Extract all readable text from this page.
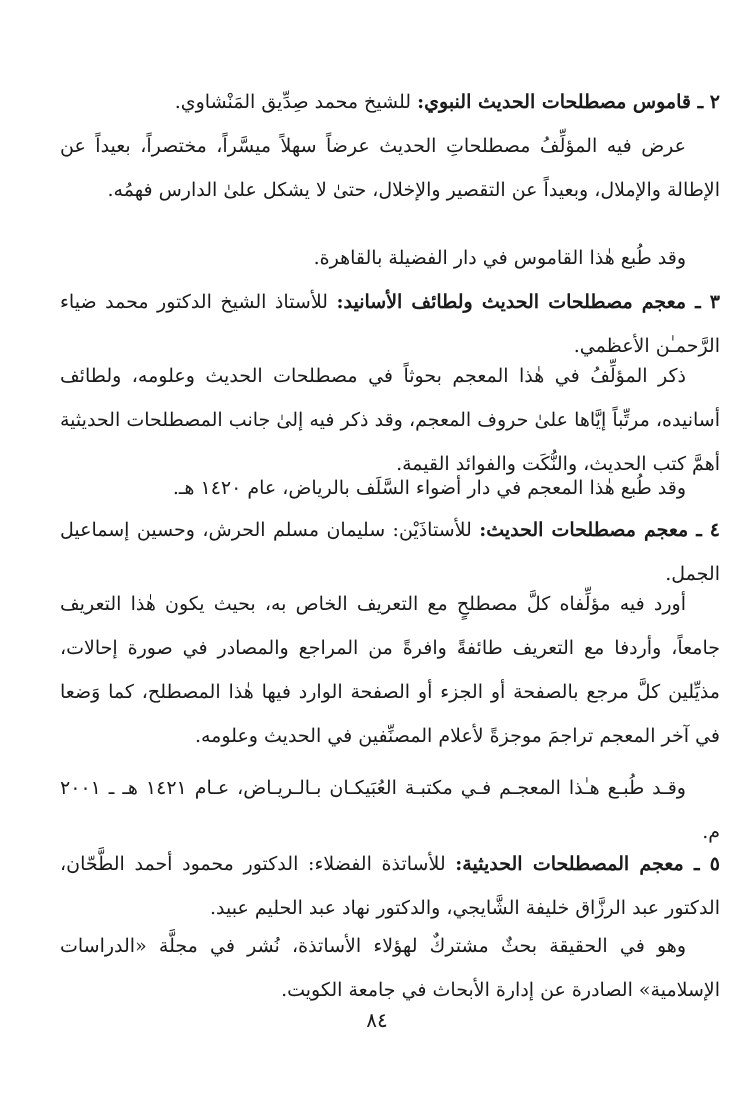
٢ ـ قاموس مصطلحات الحديث النبوي: للشيخ محمد صِدِّيق المَنْشاوي.

عرض فيه المؤلِّفُ مصطلحاتِ الحديث عرضاً سهلاً ميسَّراً، مختصراً، بعيداً عن الإطالة والإملال، وبعيداً عن التقصير والإخلال، حتىٰ لا يشكل علىٰ الدارس فهمُه.

وقد طُبع هٰذا القاموس في دار الفضيلة بالقاهرة.

٣ ـ معجم مصطلحات الحديث ولطائف الأسانيد: للأستاذ الشيخ الدكتور محمد ضياء الرَّحمـٰن الأعظمي.

ذكر المؤلِّفُ في هٰذا المعجم بحوثاً في مصطلحات الحديث وعلومه، ولطائف أسانيده، مرتِّباً إيَّاها علىٰ حروف المعجم، وقد ذكر فيه إلىٰ جانب المصطلحات الحديثية أهمَّ كتب الحديث، والنُّكَت والفوائد القيمة.

وقد طُبع هٰذا المعجم في دار أضواء السَّلَف بالرياض، عام ١٤٢٠ هـ.

٤ ـ معجم مصطلحات الحديث: للأستاذَيْن: سليمان مسلم الحرش، وحسين إسماعيل الجمل.

أورد فيه مؤلِّفاه كلَّ مصطلحٍ مع التعريف الخاص به، بحيث يكون هٰذا التعريف جامعاً، وأردفا مع التعريف طائفةً وافرةً من المراجع والمصادر في صورة إحالات، مذيِّلين كلَّ مرجع بالصفحة أو الجزء أو الصفحة الوارد فيها هٰذا المصطلح، كما وَضعا في آخر المعجم تراجمَ موجزةً لأعلام المصنِّفين في الحديث وعلومه.

وقـد طُبـع هـٰذا المعجـم فـي مكتبـة العُبَيكـان بـالـريـاض، عـام ١٤٢١ هـ ـ ٢٠٠١ م.

٥ ـ معجم المصطلحات الحديثية: للأساتذة الفضلاء: الدكتور محمود أحمد الطَّحّان، الدكتور عبد الرزَّاق خليفة الشَّايجي، والدكتور نهاد عبد الحليم عبيد.

وهو في الحقيقة بحثٌ مشتركٌ لهؤلاء الأساتذة، نُشر في مجلَّة «الدراسات الإسلامية» الصادرة عن إدارة الأبحاث في جامعة الكويت.

٨٤
